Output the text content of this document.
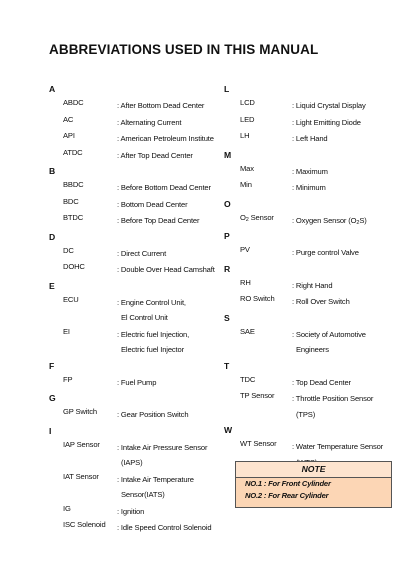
ABBREVIATIONS USED IN THIS MANUAL
A
ABDC	: After Bottom Dead Center
AC	: Alternating Current
API	: American Petroleum Institute
ATDC	: After Top Dead Center
B
BBDC	: Before Bottom Dead Center
BDC	: Bottom Dead Center
BTDC	: Before Top Dead Center
D
DC	: Direct Current
DOHC	: Double Over Head Camshaft
E
ECU	: Engine Control Unit,
El Control Unit
EI	: Electric fuel Injection,
Electric fuel Injector
F
FP	: Fuel Pump
G
GP Switch	: Gear Position Switch
I
IAP Sensor : Intake Air Pressure Sensor
(IAPS)
IAT Sensor : Intake Air Temperature
Sensor(IATS)
IG	: Ignition
ISC Solenoid : Idle Speed Control Solenoid
L
LCD	: Liquid Crystal Display
LED	: Light Emitting Diode
LH	: Left Hand
M
Max	: Maximum
Min	: Minimum
O
$O_2$ Sensor : Oxygen Sensor $(O_2S)$
P
PV	: Purge control Valve
R
RH	: Right Hand
RO Switch : Roll Over Switch
S
SAE	: Society of Automotive
Engineers
T
TDC	: Top Dead Center
TP Sensor : Throttle Position Sensor
(TPS)
W
WT Sensor : Water Temperature Sensor
NOTE
NO.1 : For Front Cylinder
NO.2 : For Rear Cylinder
